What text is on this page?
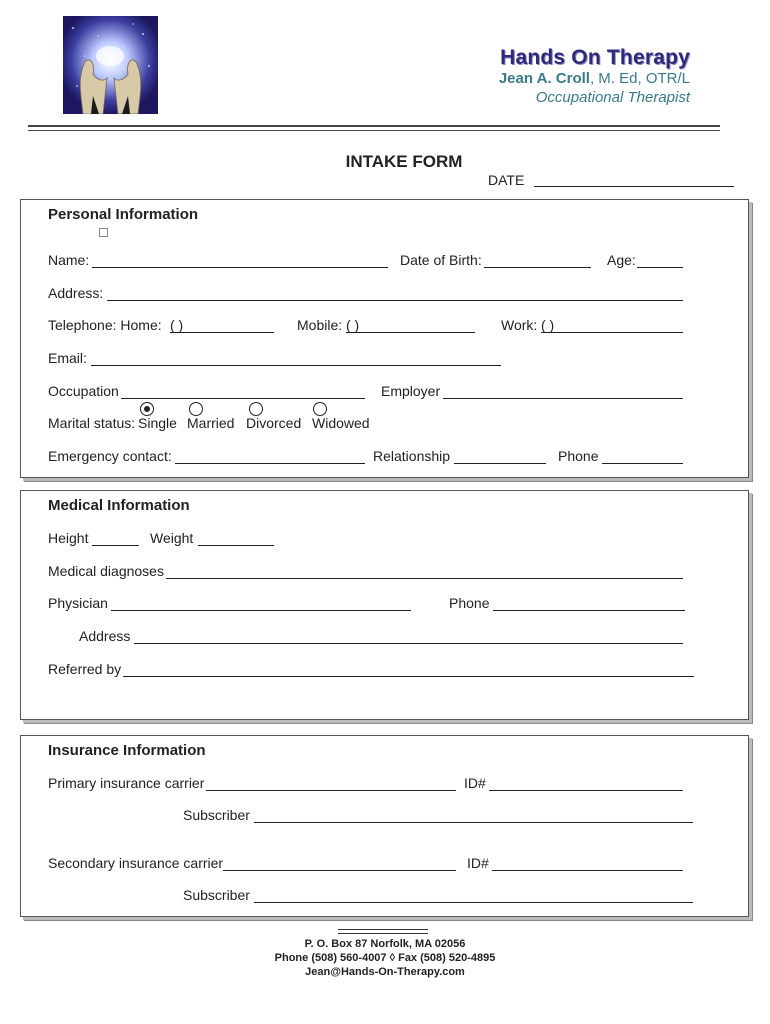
Hands On Therapy
Jean A. Croll, M. Ed, OTR/L
Occupational Therapist
INTAKE FORM
DATE
Personal Information
Name:	Date of Birth:	Age:
Address:
Telephone: Home: ( )	Mobile: ( )	Work: ( )
Email:
Occupation	Employer
Marital status: Single Married Divorced Widowed
Emergency contact:	Relationship	Phone
Medical Information
Height	Weight
Medical diagnoses
Physician	Phone
Address
Referred by
Insurance Information
Primary insurance carrier	ID#
Subscriber
Secondary insurance carrier	ID#
Subscriber
P. O. Box 87 Norfolk, MA 02056
Phone (508) 560-4007 ◊ Fax (508) 520-4895
Jean@Hands-On-Therapy.com
